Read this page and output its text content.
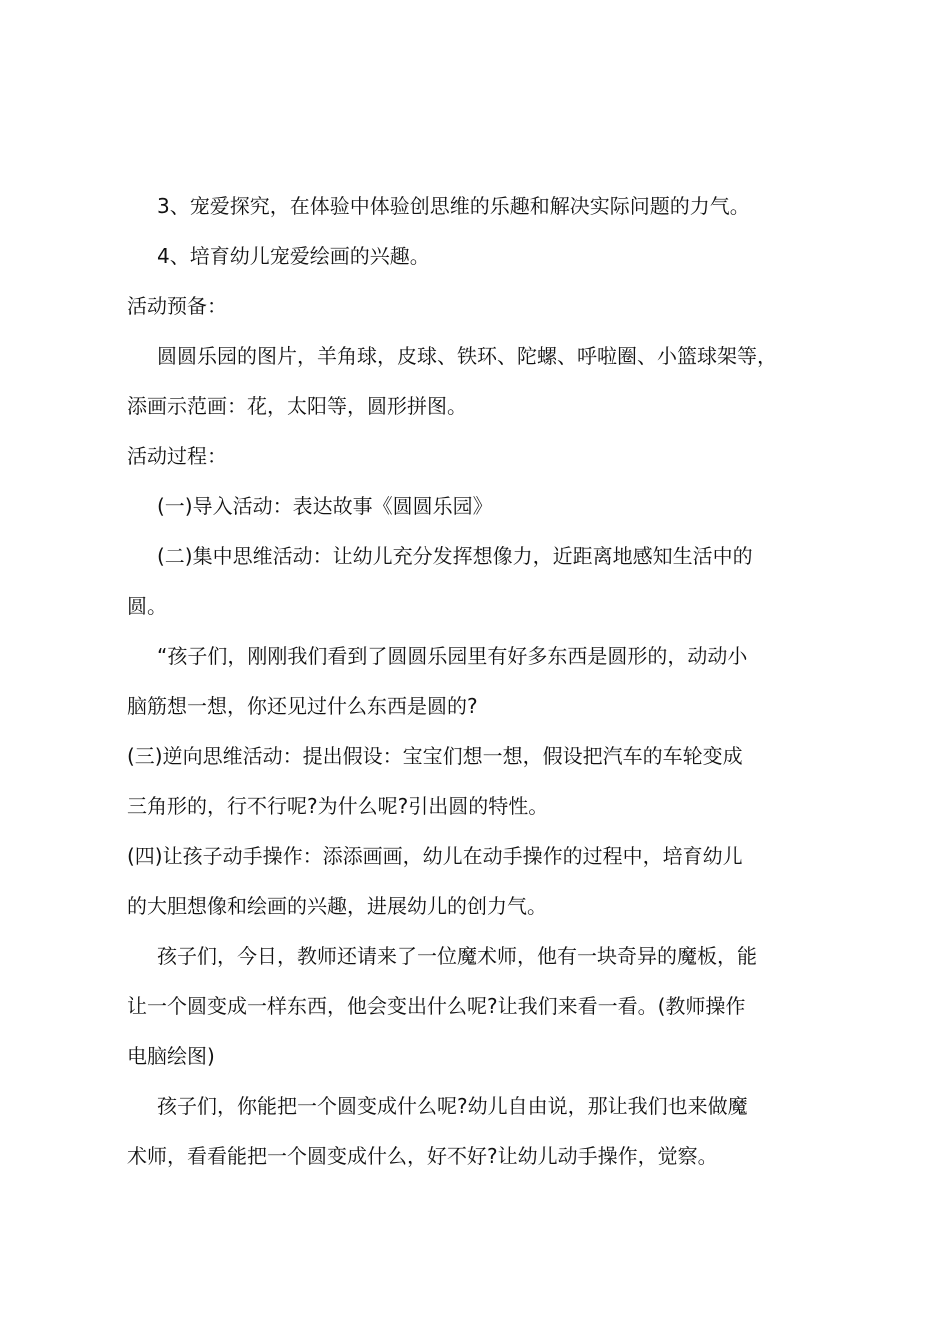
3、宠爱探究，在体验中体验创思维的乐趣和解决实际问题的力气。
4、培育幼儿宠爱绘画的兴趣。
活动预备：
圆圆乐园的图片，羊角球，皮球、铁环、陀螺、呼啦圈、小篮球架等，
添画示范画：花，太阳等，圆形拼图。
活动过程：
(一)导入活动：表达故事《圆圆乐园》
(二)集中思维活动：让幼儿充分发挥想像力，近距离地感知生活中的
圆。
“孩子们，刚刚我们看到了圆圆乐园里有好多东西是圆形的，动动小
脑筋想一想，你还见过什么东西是圆的?
(三)逆向思维活动：提出假设：宝宝们想一想，假设把汽车的车轮变成
三角形的，行不行呢?为什么呢?引出圆的特性。
(四)让孩子动手操作：添添画画，幼儿在动手操作的过程中，培育幼儿
的大胆想像和绘画的兴趣，进展幼儿的创力气。
孩子们，今日，教师还请来了一位魔术师，他有一块奇异的魔板，能
让一个圆变成一样东西，他会变出什么呢?让我们来看一看。(教师操作
电脑绘图)
孩子们，你能把一个圆变成什么呢?幼儿自由说，那让我们也来做魔
术师，看看能把一个圆变成什么，好不好?让幼儿动手操作，觉察。
